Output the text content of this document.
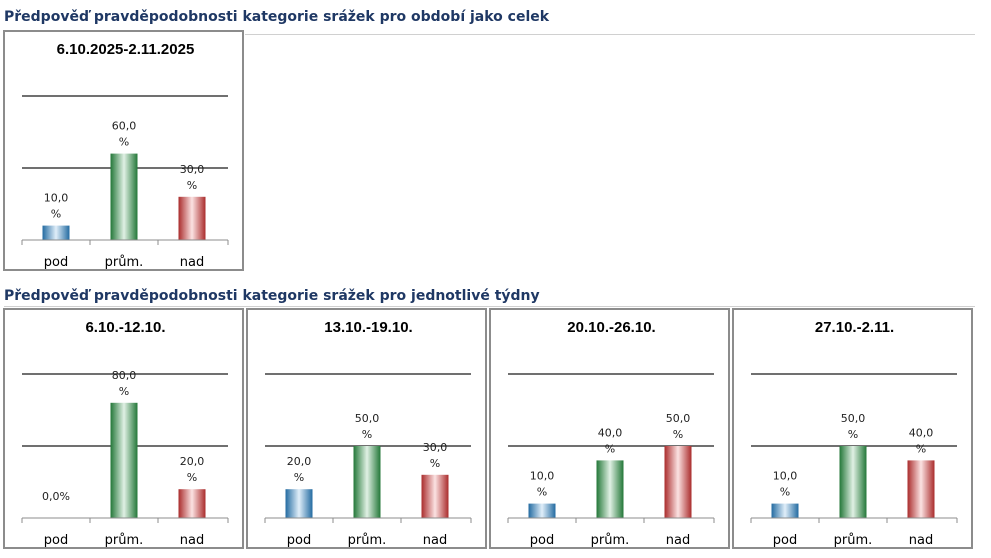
Předpověď pravděpodobnosti kategorie srážek pro období jako celek
6.10.2025-2.11.2025
10,0 %
60,0 %
30,0 %
pod	prům.	nad
Předpověď pravděpodobnosti kategorie srážek pro jednotlivé týdny
6.10.-12.10.
0,0%
80,0 %
20,0 %
pod	prům.	nad
13.10.-19.10.
20,0 %
50,0 %
30,0 %
pod	prům.	nad
20.10.-26.10.
10,0 %
40,0 %
50,0 %
pod	prům.	nad
27.10.-2.11.
10,0 %
50,0 %	40,0 %
pod	prům.	nad
